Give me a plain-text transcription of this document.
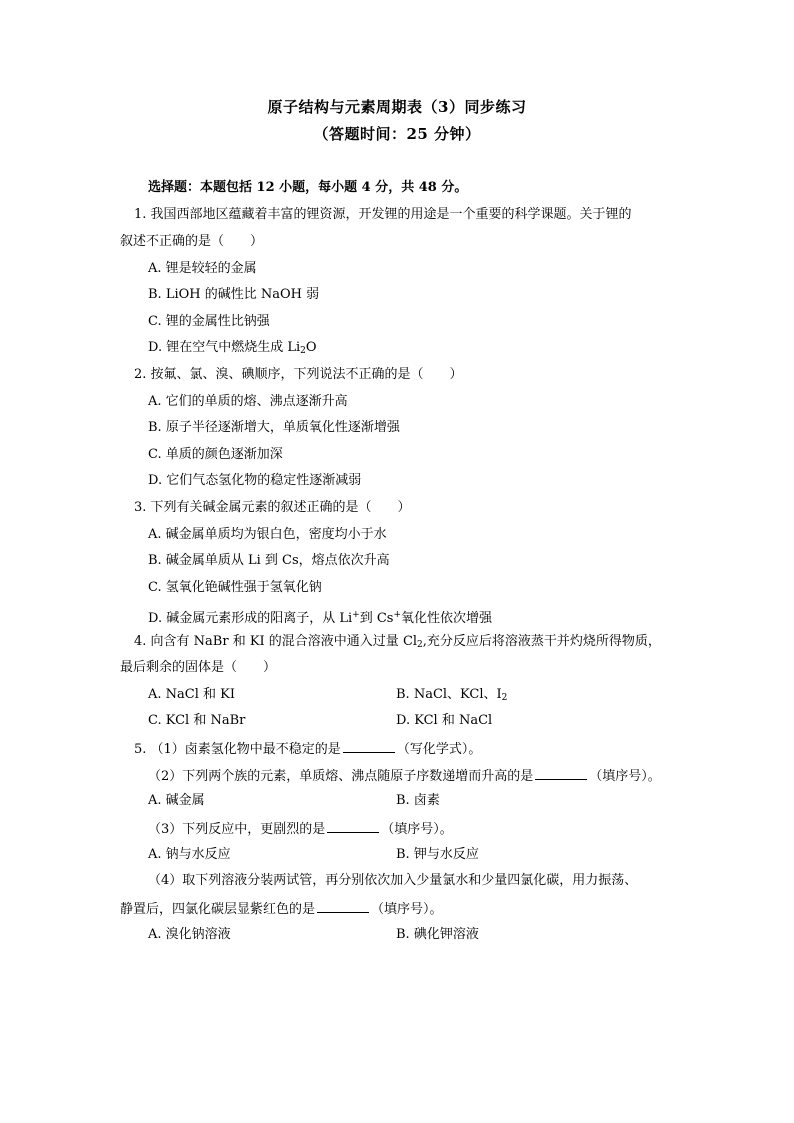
原子结构与元素周期表（3）同步练习
（答题时间：25 分钟）
选择题：本题包括 12 小题，每小题 4 分，共 48 分。
1. 我国西部地区蕴藏着丰富的锂资源，开发锂的用途是一个重要的科学课题。关于锂的
叙述不正确的是（　　）
A. 锂是较轻的金属
B. LiOH 的碱性比 NaOH 弱
C. 锂的金属性比钠强
D. 锂在空气中燃烧生成 $Li_2O$
2. 按氟、氯、溴、碘顺序，下列说法不正确的是（　　）
A. 它们的单质的熔、沸点逐渐升高
B. 原子半径逐渐增大，单质氧化性逐渐增强
C. 单质的颜色逐渐加深
D. 它们气态氢化物的稳定性逐渐减弱
3. 下列有关碱金属元素的叙述正确的是（　　）
A. 碱金属单质均为银白色，密度均小于水
B. 碱金属单质从 Li 到 Cs，熔点依次升高
C. 氢氧化铯碱性强于氢氧化钠
D. 碱金属元素形成的阳离子，从 Li+到 Cs+氧化性依次增强
4. 向含有 NaBr 和 KI 的混合溶液中通入过量 $Cl_2$,充分反应后将溶液蒸干并灼烧所得物质，
最后剩余的固体是（　　）
A. NaCl 和 KI	B. NaCl、KCl、$I_2$
C. KCl 和 NaBr	D. KCl 和 NaCl
5. （1）卤素氢化物中最不稳定的是	（写化学式）。
（2）下列两个族的元素，单质熔、沸点随原子序数递增而升高的是	（填序号）。
A. 碱金属	B. 卤素
（3）下列反应中，更剧烈的是	（填序号）。
A. 钠与水反应	B. 钾与水反应
（4）取下列溶液分装两试管，再分别依次加入少量氯水和少量四氯化碳，用力振荡、
静置后，四氯化碳层显紫红色的是	（填序号）。
A. 溴化钠溶液	B. 碘化钾溶液
